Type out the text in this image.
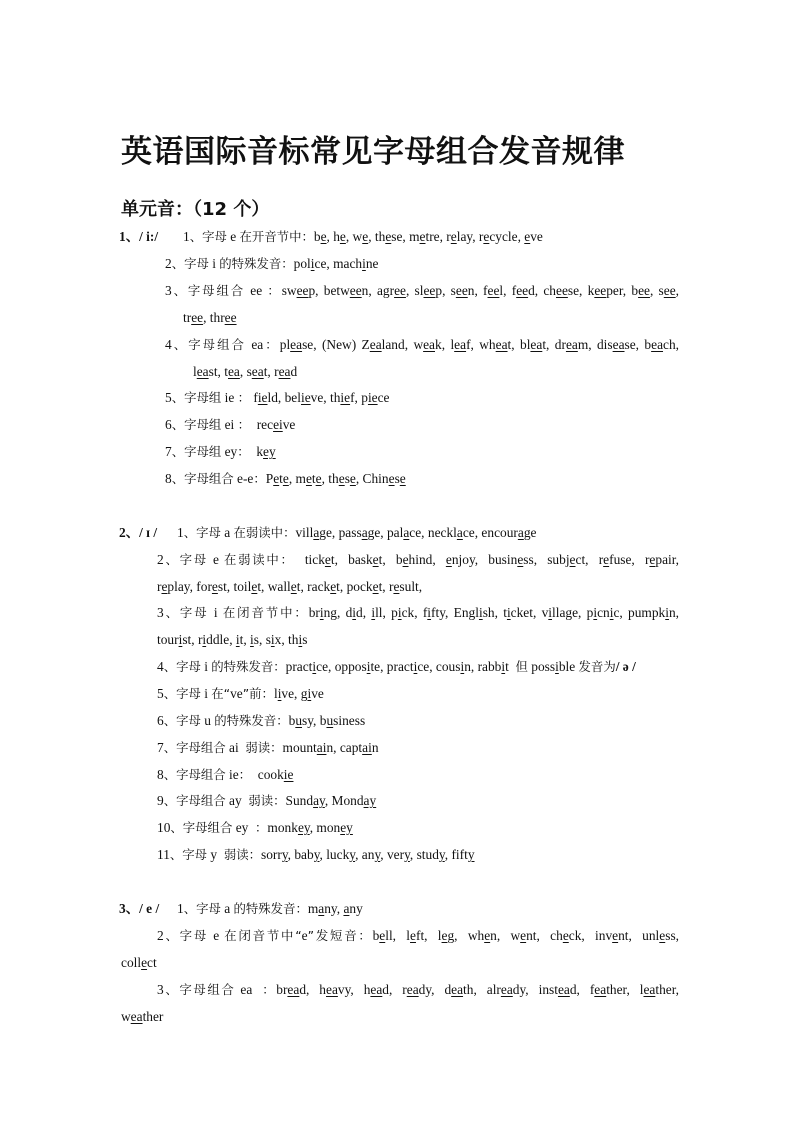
英语国际音标常见字母组合发音规律
单元音：（12 个）
1、/ i:/ 1、字母 e 在开音节中：be, he, we, these, metre, relay, recycle, eve
2、字母 i 的特殊发音：police, machine
3、字母组合 ee ：sweep, between, agree, sleep, seen, feel, feed, cheese, keeper, bee, see,
tree, three
4、字母组合 ea：please, (New) Zealand, weak, leaf, wheat, bleat, dream, disease, beach,
least, tea, seat, read
5、字母组 ie ： field, believe, thief, piece
6、字母组 ei ：  receive
7、字母组 ey：  key
8、字母组合 e-e：Pete, mete, these, Chinese
2、/ ɪ / 1、字母 a 在弱读中：village, passage, palace, necklace, encourage
2、字母 e 在弱读中：  ticket,  basket,  behind,  enjoy,  business,  subject,  refuse,  repair,
replay, forest, toilet, wallet, racket, pocket, result,
3、字母 i 在闭音节中：bring, did, ill, pick, fifty, English, ticket, village, picnic, pumpkin,
tourist, riddle, it, is, six, this
4、字母 i 的特殊发音：practice, opposite, practice, cousin, rabbit  但 possible 发音为/ ə /
5、字母 i 在“ve”前：live, give
6、字母 u 的特殊发音：busy, business
7、字母组合 ai  弱读：mountain, captain
8、字母组合 ie：  cookie
9、字母组合 ay  弱读：Sunday, Monday
10、字母组合 ey  ：monkey, money
11、字母 y  弱读：sorry, baby, lucky, any, very, study, fifty
3、/ e / 1、字母 a 的特殊发音：many, any
2、字母 e 在闭音节中“e”发短音：bell,  left,  leg,  when,  went,  check,  invent,  unless,
collect
3、字母组合 ea  ：bread,  heavy,  head,  ready,  death,  already,  instead,  feather,  leather,
weather
